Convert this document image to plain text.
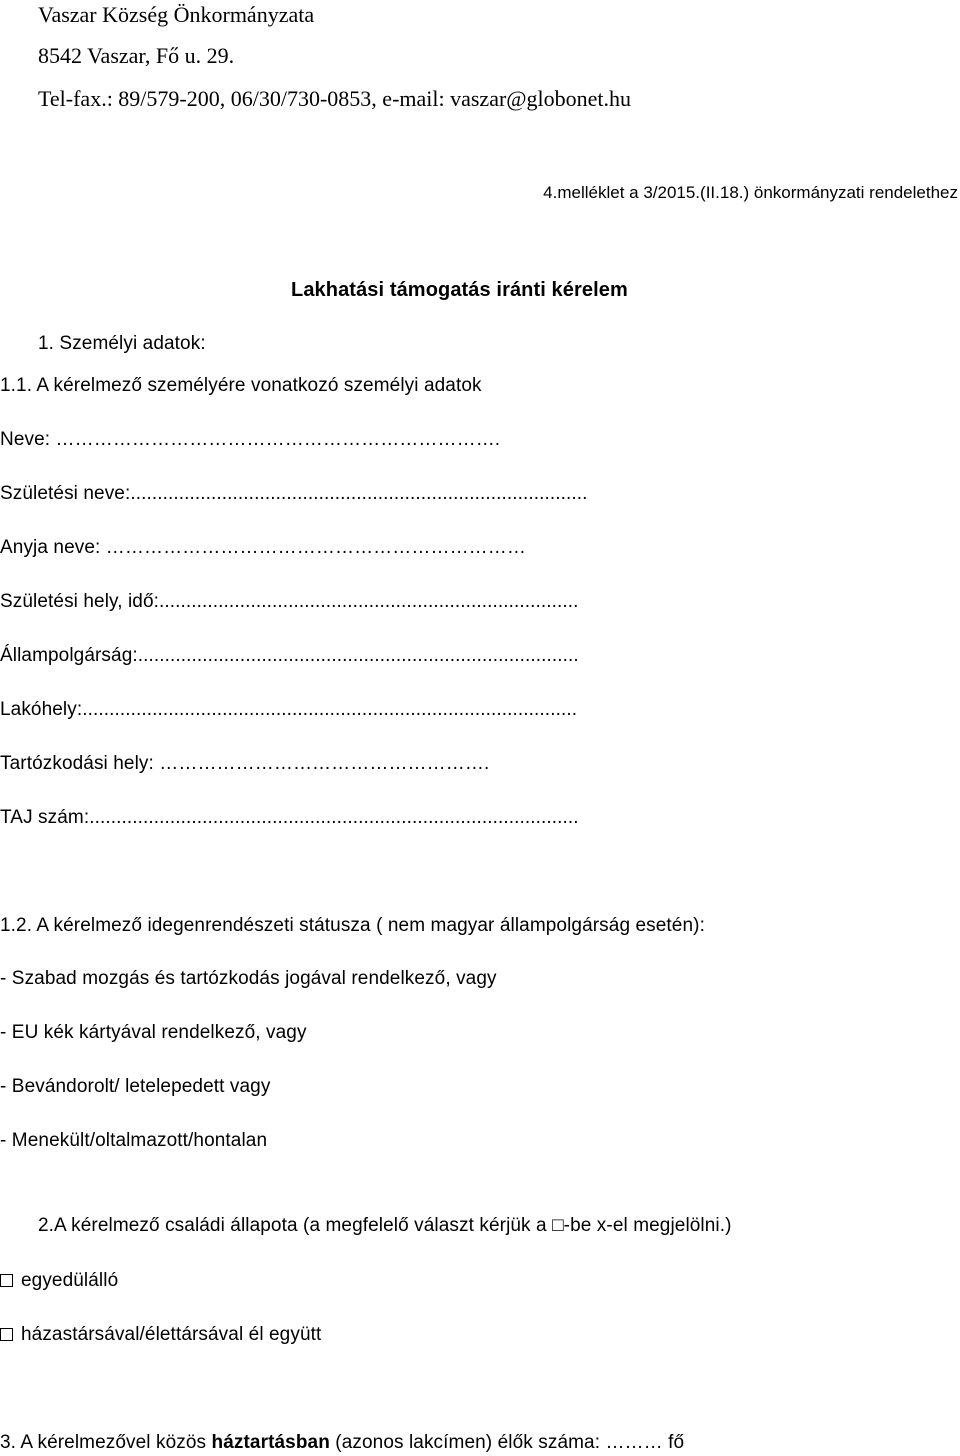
Vaszar Község Önkormányzata
8542 Vaszar, Fő u. 29.
Tel-fax.: 89/579-200, 06/30/730-0853, e-mail: vaszar@globonet.hu
4.melléklet a 3/2015.(II.18.) önkormányzati rendelethez
Lakhatási támogatás iránti kérelem
1. Személyi adatok:
1.1. A kérelmező személyére vonatkozó személyi adatok
Neve: …………………………………………………………….
Születési neve:.....................................................................................
Anyja neve: …………………………………………………………
Születési hely, idő:..............................................................................
Állampolgárság:..................................................................................
Lakóhely:............................................................................................
Tartózkodási hely: …………………………………………….
TAJ szám:...........................................................................................
1.2. A kérelmező idegenrendészeti státusza ( nem magyar állampolgárság esetén):
- Szabad mozgás és tartózkodás jogával rendelkező, vagy
- EU kék kártyával rendelkező, vagy
- Bevándorolt/ letelepedett vagy
- Menekült/oltalmazott/hontalan
2.A kérelmező családi állapota (a megfelelő választ kérjük a □-be x-el megjelölni.)
egyedülálló
házastársával/élettársával él együtt
3. A kérelmezővel közös háztartásban (azonos lakcímen) élők száma: ……… fő
